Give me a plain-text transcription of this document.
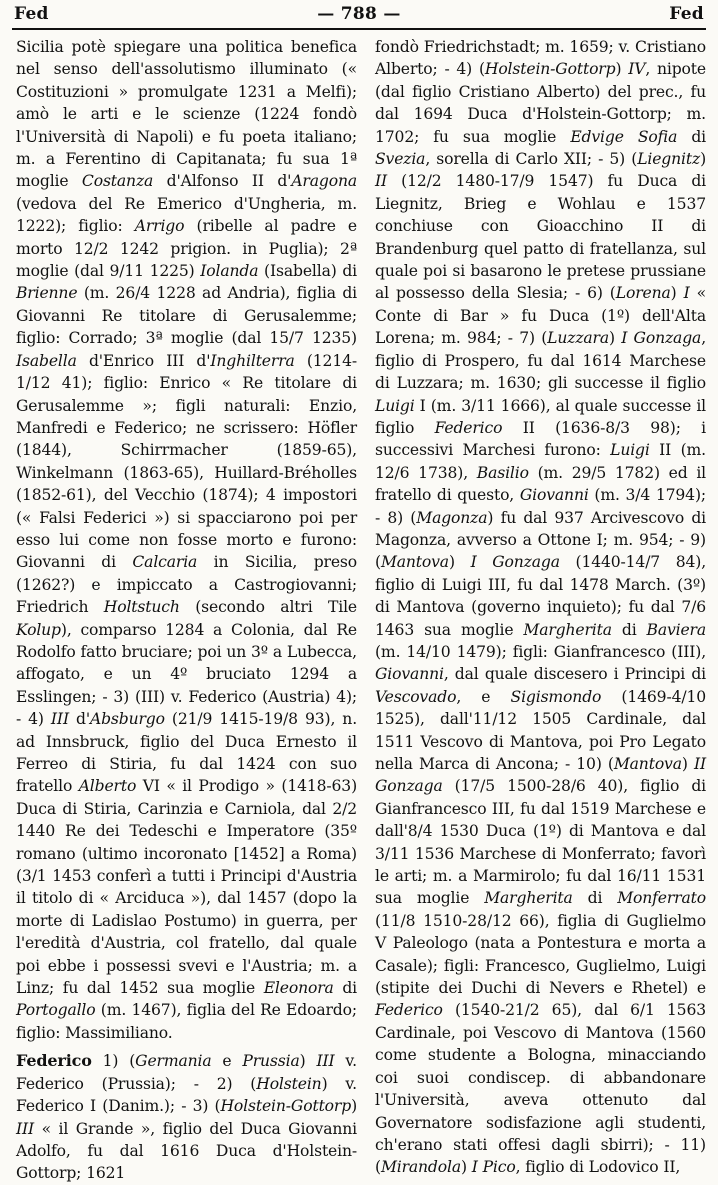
Fed	— 788 —	Fed

Sicilia potè spiegare una politica benefica nel senso dell'assolutismo illuminato (« Costituzioni » promulgate 1231 a Melfi); amò le arti e le scienze (1224 fondò l'Università di Napoli) e fu poeta italiano; m. a Ferentino di Capitanata; fu sua 1ª moglie Costanza d'Alfonso II d'Aragona (vedova del Re Emerico d'Ungheria, m. 1222); figlio: Arrigo (ribelle al padre e morto 12/2 1242 prigion. in Puglia); 2ª moglie (dal 9/11 1225) Iolanda (Isabella) di Brienne (m. 26/4 1228 ad Andria), figlia di Giovanni Re titolare di Gerusalemme; figlio: Corrado; 3ª moglie (dal 15/7 1235) Isabella d'Enrico III d'Inghilterra (1214-1/12 41); figlio: Enrico « Re titolare di Gerusalemme »; figli naturali: Enzio, Manfredi e Federico; ne scrissero: Höfler (1844), Schirrmacher (1859-65), Winkelmann (1863-65), Huillard-Bréholles (1852-61), del Vecchio (1874); 4 impostori (« Falsi Federici ») si spacciarono poi per esso lui come non fosse morto e furono: Giovanni di Calcaria in Sicilia, preso (1262?) e impiccato a Castrogiovanni; Friedrich Holtstuch (secondo altri Tile Kolup), comparso 1284 a Colonia, dal Re Rodolfo fatto bruciare; poi un 3º a Lubecca, affogato, e un 4º bruciato 1294 a Esslingen; - 3) (III) v. Federico (Austria) 4); - 4) III d'Absburgo (21/9 1415-19/8 93), n. ad Innsbruck, figlio del Duca Ernesto il Ferreo di Stiria, fu dal 1424 con suo fratello Alberto VI « il Prodigo » (1418-63) Duca di Stiria, Carinzia e Carniola, dal 2/2 1440 Re dei Tedeschi e Imperatore (35º romano (ultimo incoronato [1452] a Roma) (3/1 1453 conferì a tutti i Principi d'Austria il titolo di « Arciduca »), dal 1457 (dopo la morte di Ladislao Postumo) in guerra, per l'eredità d'Austria, col fratello, dal quale poi ebbe i possessi svevi e l'Austria; m. a Linz; fu dal 1452 sua moglie Eleonora di Portogallo (m. 1467), figlia del Re Edoardo; figlio: Massimiliano.

Federico 1) (Germania e Prussia) III v. Federico (Prussia); - 2) (Holstein) v. Federico I (Danim.); - 3) (Holstein-Gottorp) III « il Grande », figlio del Duca Giovanni Adolfo, fu dal 1616 Duca d'Holstein-Gottorp; 1621

fondò Friedrichstadt; m. 1659; v. Cristiano Alberto; - 4) (Holstein-Gottorp) IV, nipote (dal figlio Cristiano Alberto) del prec., fu dal 1694 Duca d'Holstein-Gottorp; m. 1702; fu sua moglie Edvige Sofia di Svezia, sorella di Carlo XII; - 5) (Liegnitz) II (12/2 1480-17/9 1547) fu Duca di Liegnitz, Brieg e Wohlau e 1537 conchiuse con Gioacchino II di Brandenburg quel patto di fratellanza, sul quale poi si basarono le pretese prussiane al possesso della Slesia; - 6) (Lorena) I « Conte di Bar » fu Duca (1º) dell'Alta Lorena; m. 984; - 7) (Luzzara) I Gonzaga, figlio di Prospero, fu dal 1614 Marchese di Luzzara; m. 1630; gli successe il figlio Luigi I (m. 3/11 1666), al quale successe il figlio Federico II (1636-8/3 98); i successivi Marchesi furono: Luigi II (m. 12/6 1738), Basilio (m. 29/5 1782) ed il fratello di questo, Giovanni (m. 3/4 1794); - 8) (Magonza) fu dal 937 Arcivescovo di Magonza, avverso a Ottone I; m. 954; - 9) (Mantova) I Gonzaga (1440-14/7 84), figlio di Luigi III, fu dal 1478 March. (3º) di Mantova (governo inquieto); fu dal 7/6 1463 sua moglie Margherita di Baviera (m. 14/10 1479); figli: Gianfrancesco (III), Giovanni, dal quale discesero i Principi di Vescovado, e Sigismondo (1469-4/10 1525), dall'11/12 1505 Cardinale, dal 1511 Vescovo di Mantova, poi Pro Legato nella Marca di Ancona; - 10) (Mantova) II Gonzaga (17/5 1500-28/6 40), figlio di Gianfrancesco III, fu dal 1519 Marchese e dall'8/4 1530 Duca (1º) di Mantova e dal 3/11 1536 Marchese di Monferrato; favorì le arti; m. a Marmirolo; fu dal 16/11 1531 sua moglie Margherita di Monferrato (11/8 1510-28/12 66), figlia di Guglielmo V Paleologo (nata a Pontestura e morta a Casale); figli: Francesco, Guglielmo, Luigi (stipite dei Duchi di Nevers e Rhetel) e Federico (1540-21/2 65), dal 6/1 1563 Cardinale, poi Vescovo di Mantova (1560 come studente a Bologna, minacciando coi suoi condiscep. di abbandonare l'Università, aveva ottenuto dal Governatore sodisfazione agli studenti, ch'erano stati offesi dagli sbirri); - 11) (Mirandola) I Pico, figlio di Lodovico II,
